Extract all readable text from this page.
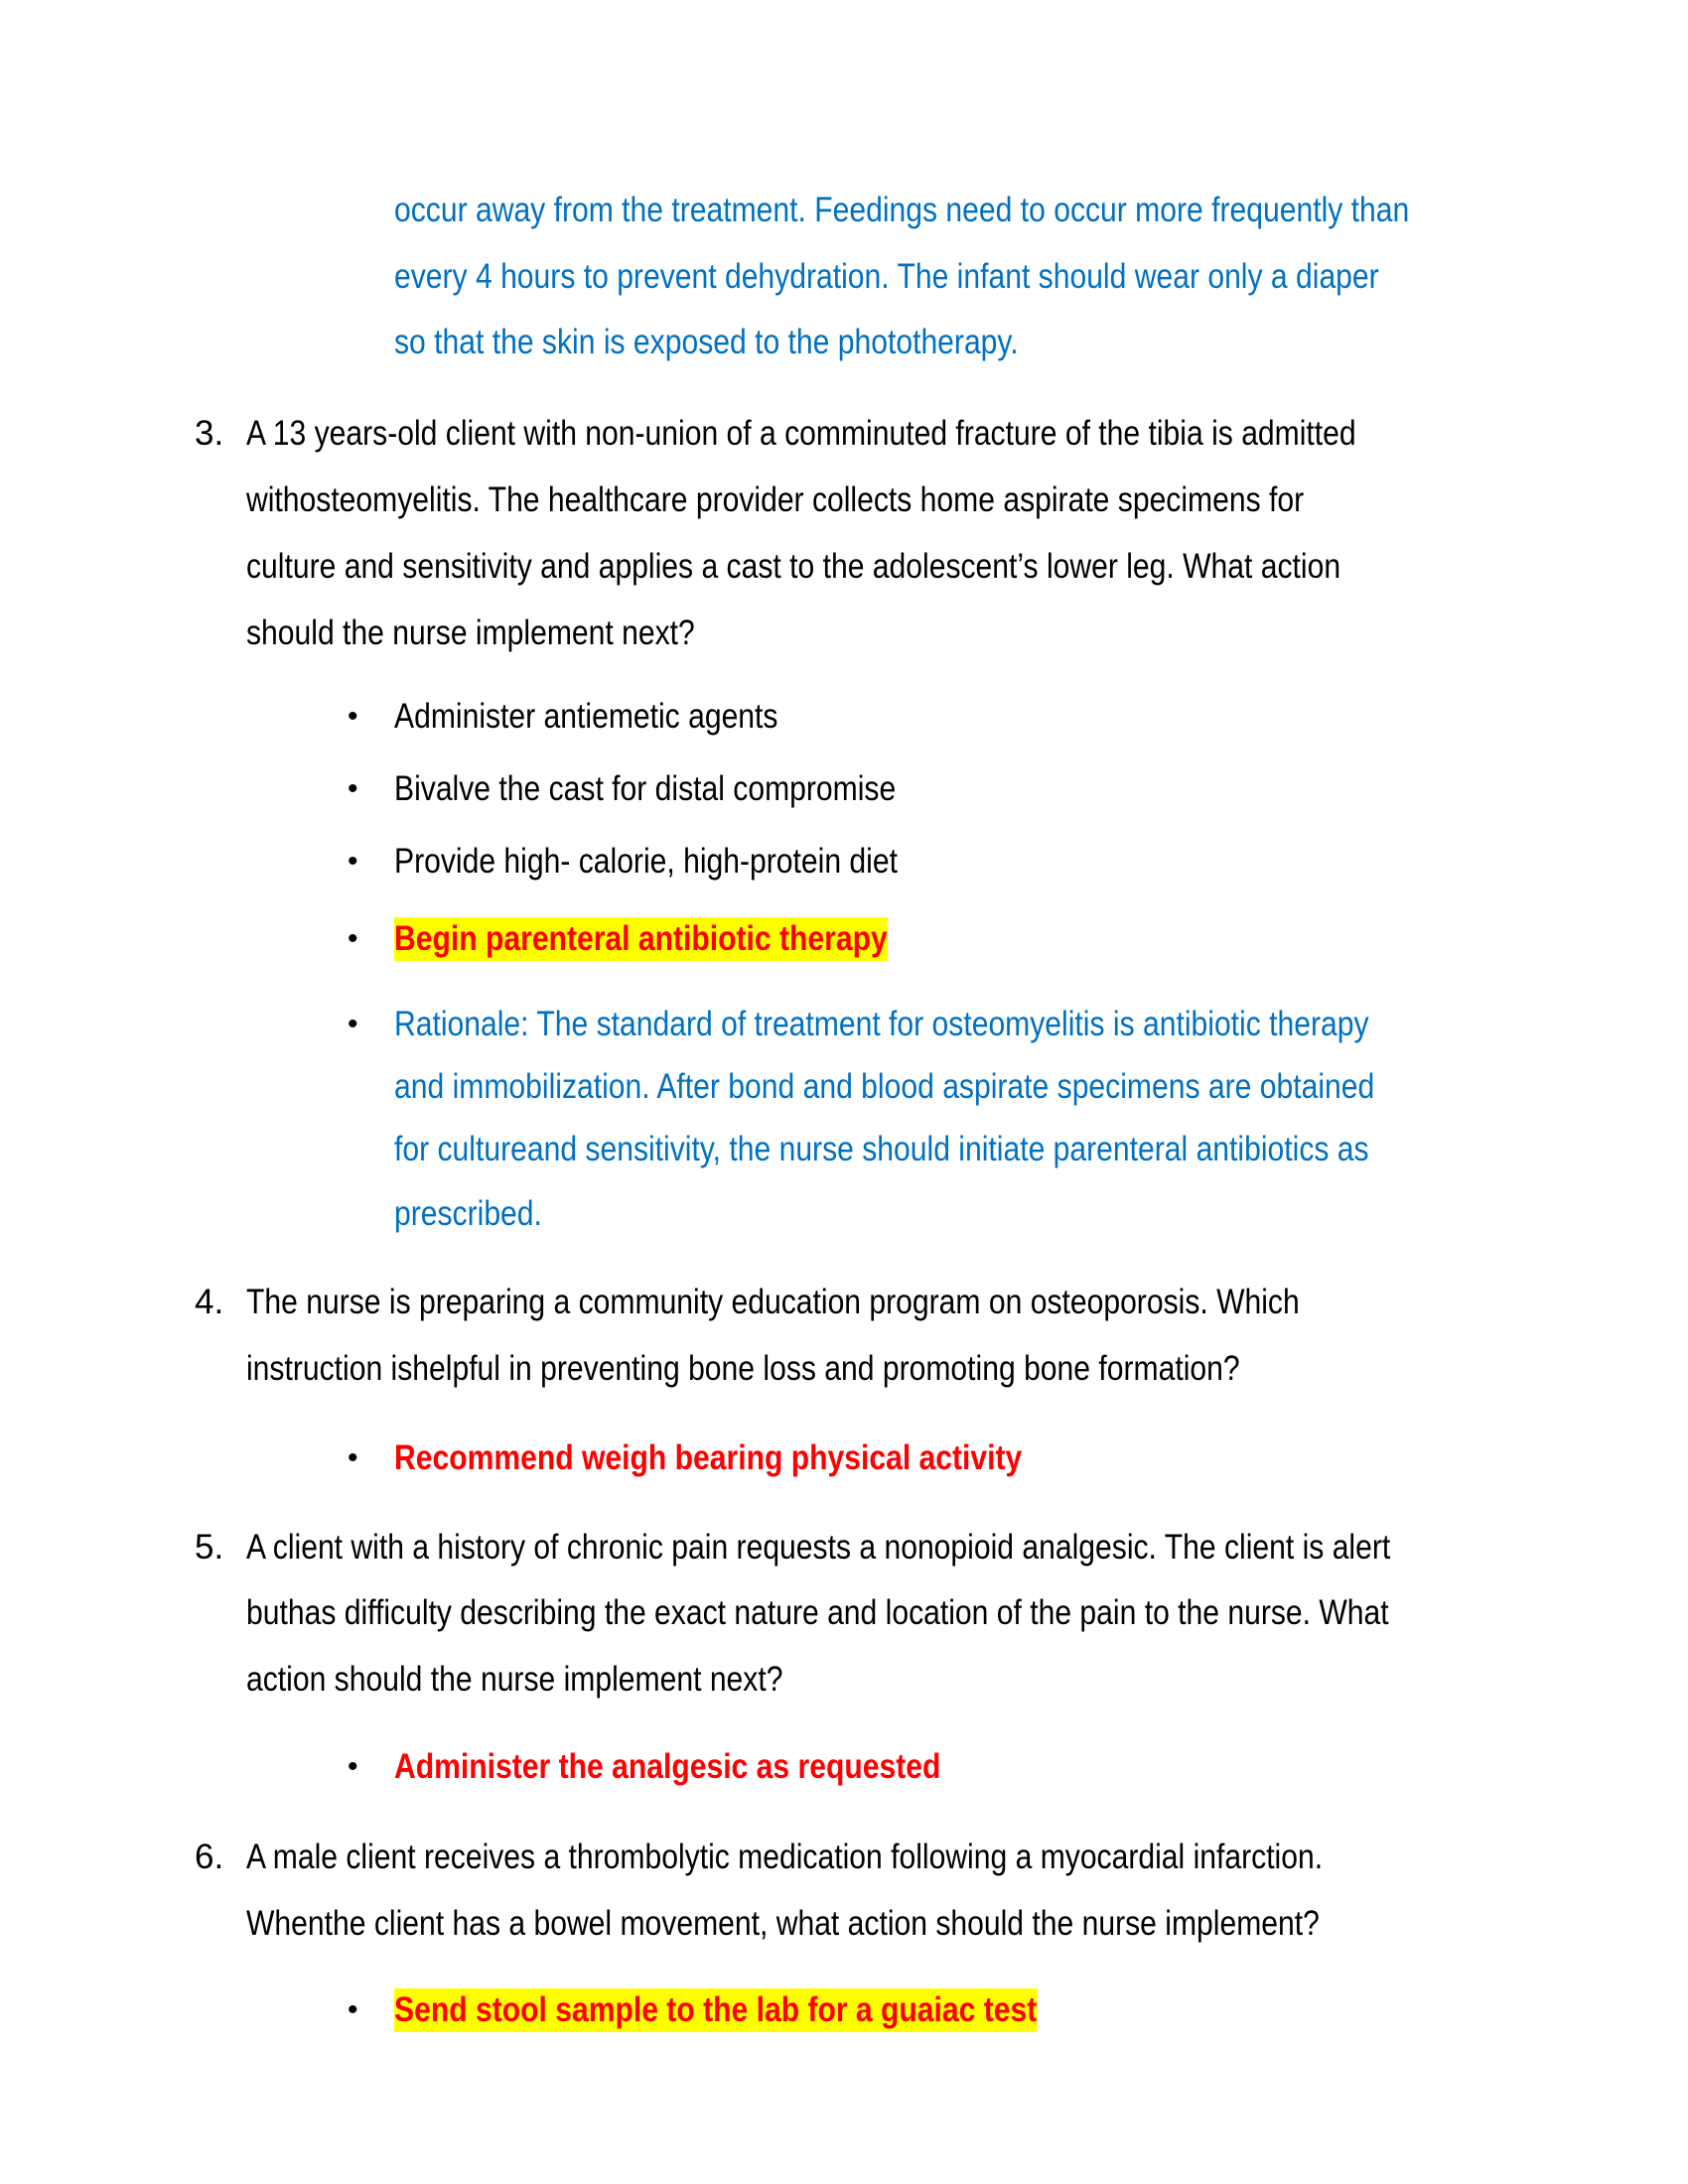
occur away from the treatment. Feedings need to occur more frequently than
every 4 hours to prevent dehydration. The infant should wear only a diaper
so that the skin is exposed to the phototherapy.
3. A 13 years-old client with non-union of a comminuted fracture of the tibia is admitted
withosteomyelitis. The healthcare provider collects home aspirate specimens for
culture and sensitivity and applies a cast to the adolescent’s lower leg. What action
should the nurse implement next?
• Administer antiemetic agents
• Bivalve the cast for distal compromise
• Provide high- calorie, high-protein diet
• Begin parenteral antibiotic therapy
• Rationale: The standard of treatment for osteomyelitis is antibiotic therapy
and immobilization. After bond and blood aspirate specimens are obtained
for cultureand sensitivity, the nurse should initiate parenteral antibiotics as
prescribed.
4. The nurse is preparing a community education program on osteoporosis. Which
instruction ishelpful in preventing bone loss and promoting bone formation?
• Recommend weigh bearing physical activity
5. A client with a history of chronic pain requests a nonopioid analgesic. The client is alert
buthas difficulty describing the exact nature and location of the pain to the nurse. What
action should the nurse implement next?
• Administer the analgesic as requested
6. A male client receives a thrombolytic medication following a myocardial infarction.
Whenthe client has a bowel movement, what action should the nurse implement?
• Send stool sample to the lab for a guaiac test
